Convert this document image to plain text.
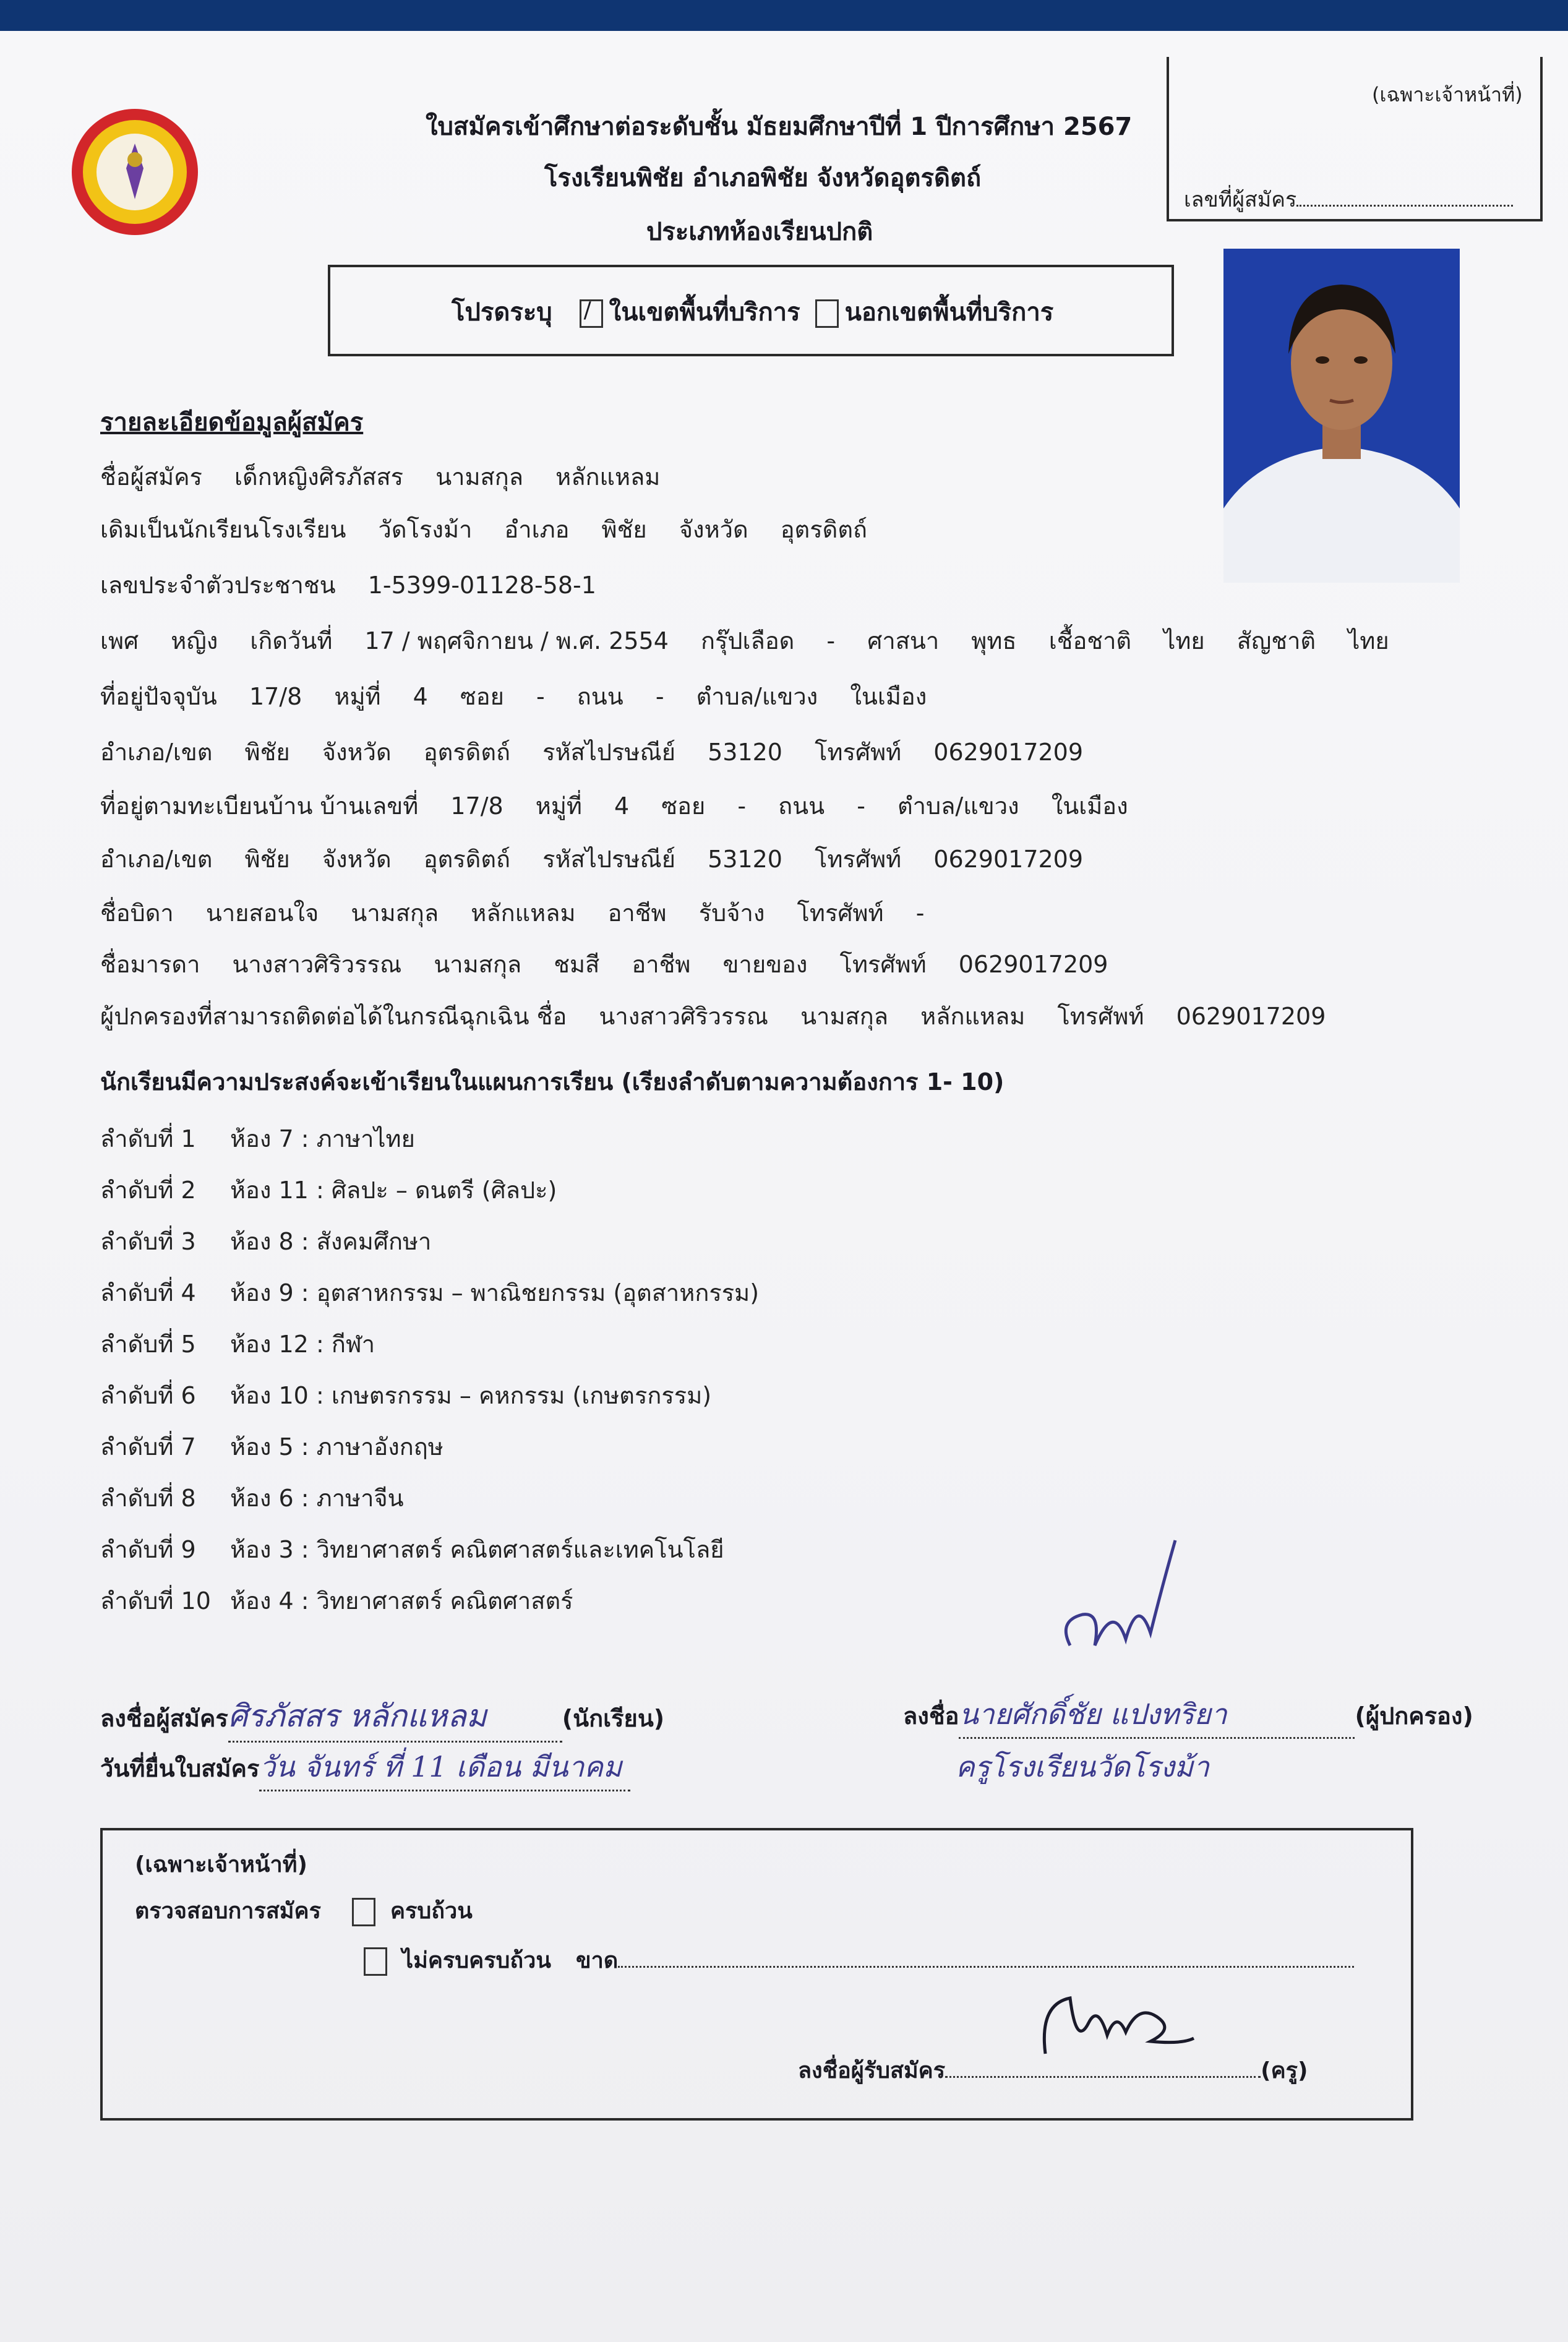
ใบสมัครเข้าศึกษาต่อระดับชั้น มัธยมศึกษาปีที่ 1 ปีการศึกษา 2567
โรงเรียนพิชัย อำเภอพิชัย จังหวัดอุตรดิตถ์
ประเภทห้องเรียนปกติ
(เฉพาะเจ้าหน้าที่)
เลขที่ผู้สมัคร
โปรดระบุ / ในเขตพื้นที่บริการ นอกเขตพื้นที่บริการ
รายละเอียดข้อมูลผู้สมัคร
ชื่อผู้สมัคร เด็กหญิงศิรภัสสร นามสกุล หลักแหลม
เดิมเป็นนักเรียนโรงเรียน วัดโรงม้า อำเภอ พิชัย จังหวัด อุตรดิตถ์
เลขประจำตัวประชาชน 1-5399-01128-58-1
เพศ หญิง เกิดวันที่ 17 / พฤศจิกายน / พ.ศ. 2554 กรุ๊ปเลือด - ศาสนา พุทธ เชื้อชาติ ไทย สัญชาติ ไทย
ที่อยู่ปัจจุบัน 17/8 หมู่ที่ 4 ซอย - ถนน - ตำบล/แขวง ในเมือง
อำเภอ/เขต พิชัย จังหวัด อุตรดิตถ์ รหัสไปรษณีย์ 53120 โทรศัพท์ 0629017209
ที่อยู่ตามทะเบียนบ้าน บ้านเลขที่ 17/8 หมู่ที่ 4 ซอย - ถนน - ตำบล/แขวง ในเมือง
อำเภอ/เขต พิชัย จังหวัด อุตรดิตถ์ รหัสไปรษณีย์ 53120 โทรศัพท์ 0629017209
ชื่อบิดา นายสอนใจ นามสกุล หลักแหลม อาชีพ รับจ้าง โทรศัพท์ -
ชื่อมารดา นางสาวศิริวรรณ นามสกุล ชมสี อาชีพ ขายของ โทรศัพท์ 0629017209
ผู้ปกครองที่สามารถติดต่อได้ในกรณีฉุกเฉิน ชื่อ นางสาวศิริวรรณ นามสกุล หลักแหลม โทรศัพท์ 0629017209
นักเรียนมีความประสงค์จะเข้าเรียนในแผนการเรียน (เรียงลำดับตามความต้องการ 1- 10)
ลำดับที่ 1 ห้อง 7 : ภาษาไทย
ลำดับที่ 2 ห้อง 11 : ศิลปะ – ดนตรี (ศิลปะ)
ลำดับที่ 3 ห้อง 8 : สังคมศึกษา
ลำดับที่ 4 ห้อง 9 : อุตสาหกรรม – พาณิชยกรรม (อุตสาหกรรม)
ลำดับที่ 5 ห้อง 12 : กีฬา
ลำดับที่ 6 ห้อง 10 : เกษตรกรรม – คหกรรม (เกษตรกรรม)
ลำดับที่ 7 ห้อง 5 : ภาษาอังกฤษ
ลำดับที่ 8 ห้อง 6 : ภาษาจีน
ลำดับที่ 9 ห้อง 3 : วิทยาศาสตร์ คณิตศาสตร์และเทคโนโลยี
ลำดับที่ 10 ห้อง 4 : วิทยาศาสตร์ คณิตศาสตร์
ลงชื่อผู้สมัครศิรภัสสร หลักแหลม	(นักเรียน)
วันที่ยื่นใบสมัครวัน จันทร์ ที่ 11 เดือน มีนาคม
ลงชื่อนายศักดิ์ชัย แปงทริยา	(ผู้ปกครอง)
ครูโรงเรียนวัดโรงม้า
(เฉพาะเจ้าหน้าที่)
ตรวจสอบการสมัคร	ครบถ้วน
ไม่ครบครบถ้วน ขาด
ลงชื่อผู้รับสมัคร	(ครู)
